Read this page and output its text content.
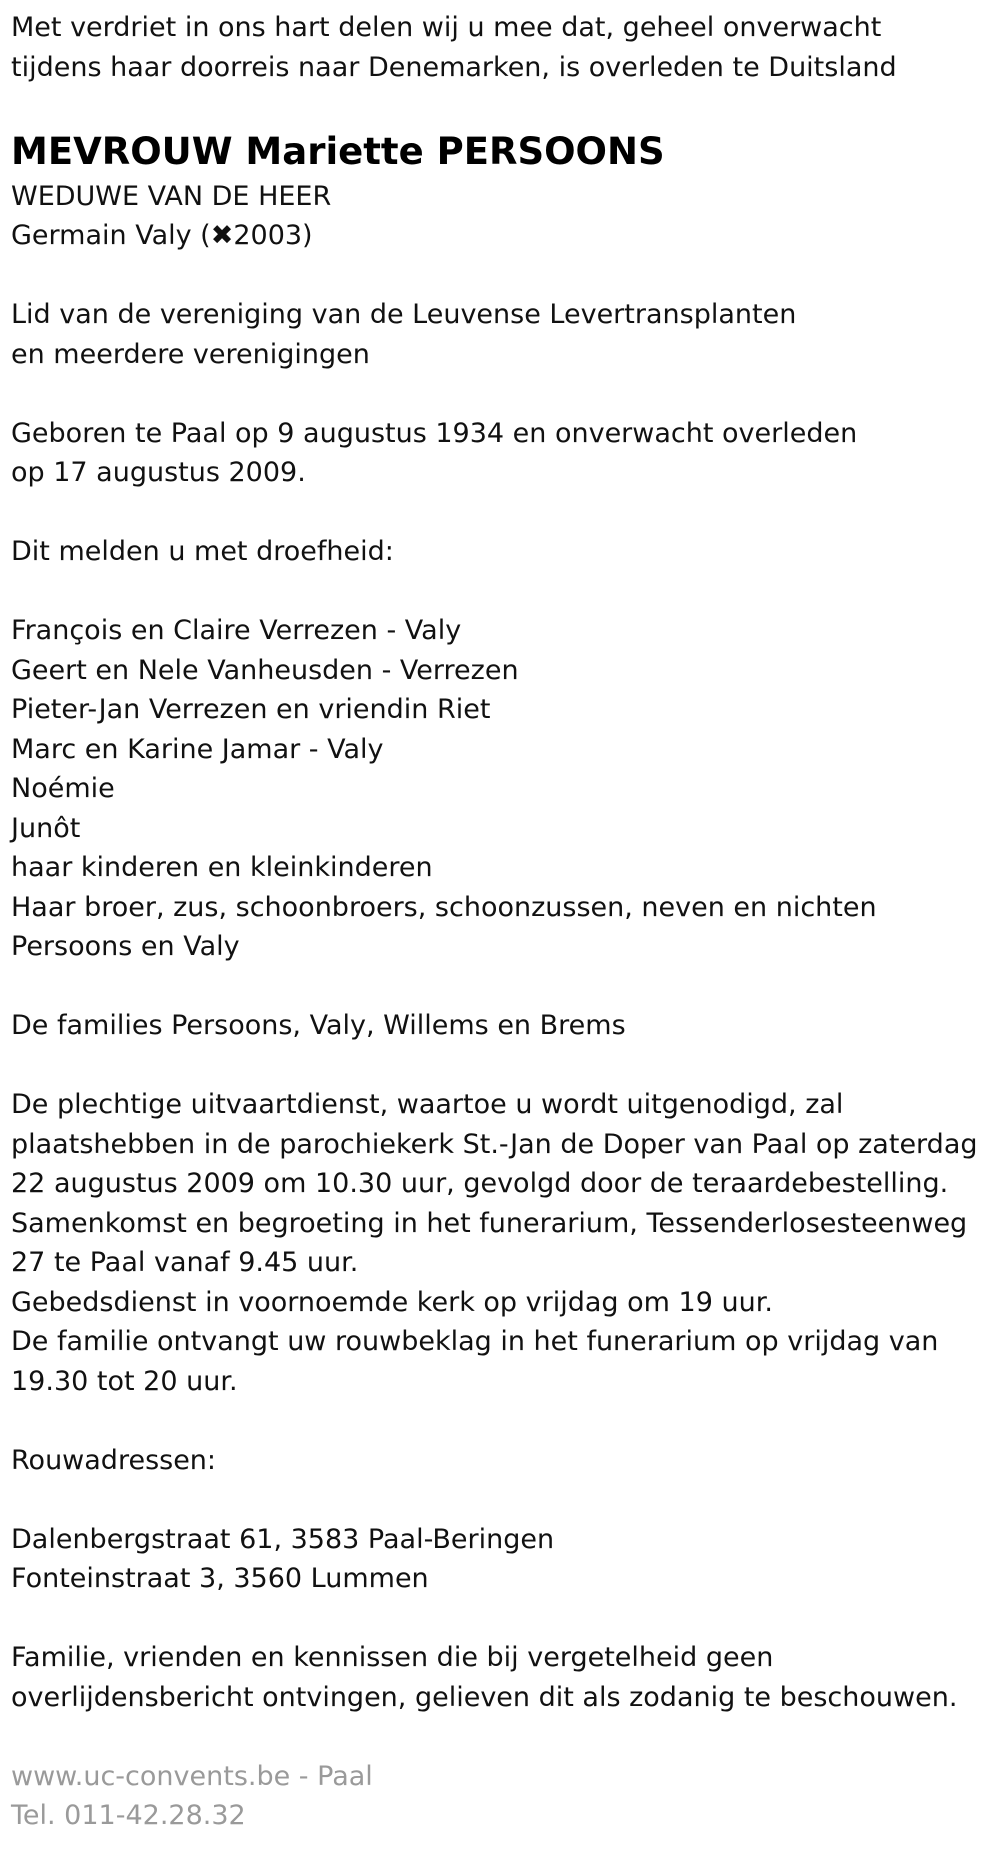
Met verdriet in ons hart delen wij u mee dat, geheel onverwacht
tijdens haar doorreis naar Denemarken, is overleden te Duitsland
MEVROUW Mariette PERSOONS
WEDUWE VAN DE HEER
Germain Valy (✖2003)
Lid van de vereniging van de Leuvense Levertransplanten
en meerdere verenigingen
Geboren te Paal op 9 augustus 1934 en onverwacht overleden
op 17 augustus 2009.
Dit melden u met droefheid:
François en Claire Verrezen - Valy
Geert en Nele Vanheusden - Verrezen
Pieter-Jan Verrezen en vriendin Riet
Marc en Karine Jamar - Valy
Noémie
Junôt
haar kinderen en kleinkinderen
Haar broer, zus, schoonbroers, schoonzussen, neven en nichten
Persoons en Valy
De families Persoons, Valy, Willems en Brems
De plechtige uitvaartdienst, waartoe u wordt uitgenodigd, zal
plaatshebben in de parochiekerk St.-Jan de Doper van Paal op zaterdag
22 augustus 2009 om 10.30 uur, gevolgd door de teraardebestelling.
Samenkomst en begroeting in het funerarium, Tessenderlosesteenweg
27 te Paal vanaf 9.45 uur.
Gebedsdienst in voornoemde kerk op vrijdag om 19 uur.
De familie ontvangt uw rouwbeklag in het funerarium op vrijdag van
19.30 tot 20 uur.
Rouwadressen:
Dalenbergstraat 61, 3583 Paal-Beringen
Fonteinstraat 3, 3560 Lummen
Familie, vrienden en kennissen die bij vergetelheid geen
overlijdensbericht ontvingen, gelieven dit als zodanig te beschouwen.
www.uc-convents.be - Paal
Tel. 011-42.28.32
